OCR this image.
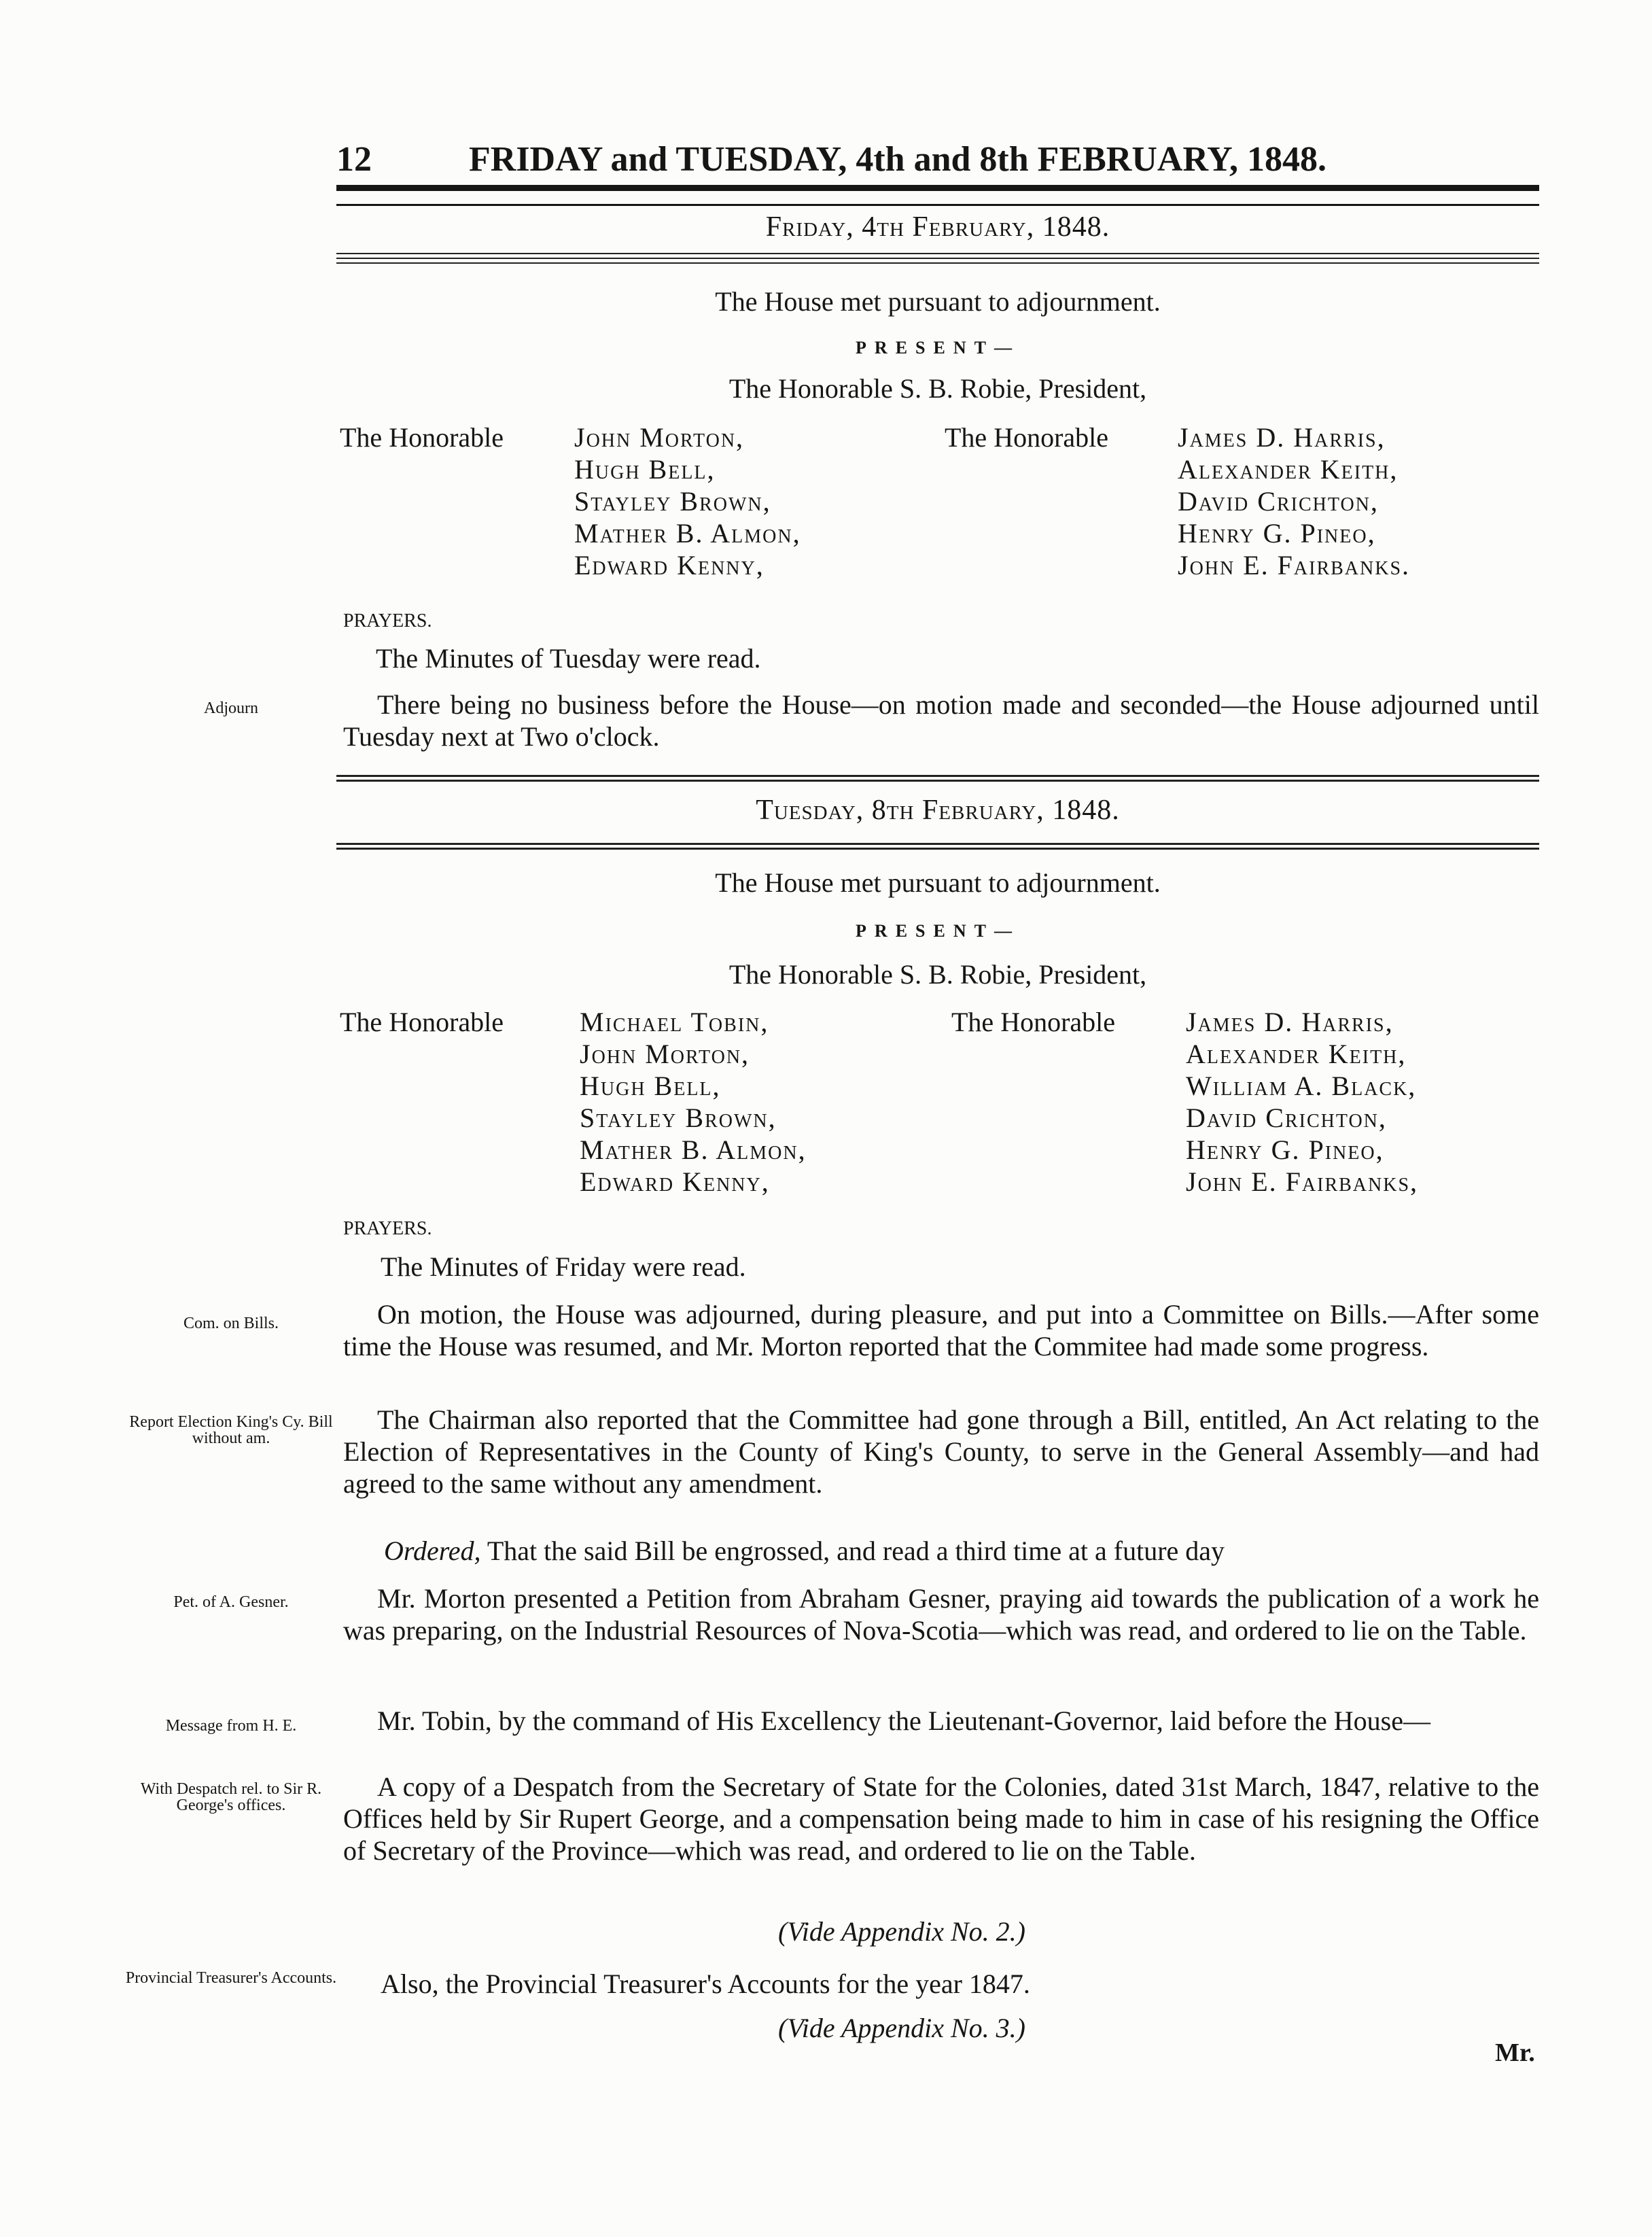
12	FRIDAY and TUESDAY, 4th and 8th FEBRUARY, 1848.
Friday, 4th February, 1848.
The House met pursuant to adjournment.
PRESENT—
The Honorable S. B. Robie, President,
The Honorable	John Morton,
Hugh Bell,
Stayley Brown,
Mather B. Almon,
Edward Kenny,
The Honorable	James D. Harris,
Alexander Keith,
David Crichton,
Henry G. Pineo,
John E. Fairbanks.
PRAYERS.
The Minutes of Tuesday were read.
Adjourn	There being no business before the House—on motion made and seconded—the House adjourned until Tuesday next at Two o'clock.
Tuesday, 8th February, 1848.
The House met pursuant to adjournment.
PRESENT—
The Honorable S. B. Robie, President,
The Honorable	Michael Tobin,
John Morton,
Hugh Bell,
Stayley Brown,
Mather B. Almon,
Edward Kenny,
The Honorable	James D. Harris,
Alexander Keith,
William A. Black,
David Crichton,
Henry G. Pineo,
John E. Fairbanks,
PRAYERS.
The Minutes of Friday were read.
Com. on Bills.	On motion, the House was adjourned, during pleasure, and put into a Committee on Bills.—After some time the House was resumed, and Mr. Morton reported that the Commitee had made some progress.
Report Election King's Cy. Bill without am.
The Chairman also reported that the Committee had gone through a Bill, entitled, An Act relating to the Election of Representatives in the County of King's County, to serve in the General Assembly—and had agreed to the same without any amendment.
Ordered, That the said Bill be engrossed, and read a third time at a future day
Pet. of A. Gesner.	Mr. Morton presented a Petition from Abraham Gesner, praying aid towards the publication of a work he was preparing, on the Industrial Resources of Nova-Scotia—which was read, and ordered to lie on the Table.
Message from H. E.	Mr. Tobin, by the command of His Excellency the Lieutenant-Governor, laid before the House—
With Despatch rel. to Sir R. George's offices.
A copy of a Despatch from the Secretary of State for the Colonies, dated 31st March, 1847, relative to the Offices held by Sir Rupert George, and a compensation being made to him in case of his resigning the Office of Secretary of the Province—which was read, and ordered to lie on the Table.
(Vide Appendix No. 2.)
Provincial Treasurer's Accounts. Also, the Provincial Treasurer's Accounts for the year 1847.
(Vide Appendix No. 3.)
Mr.
